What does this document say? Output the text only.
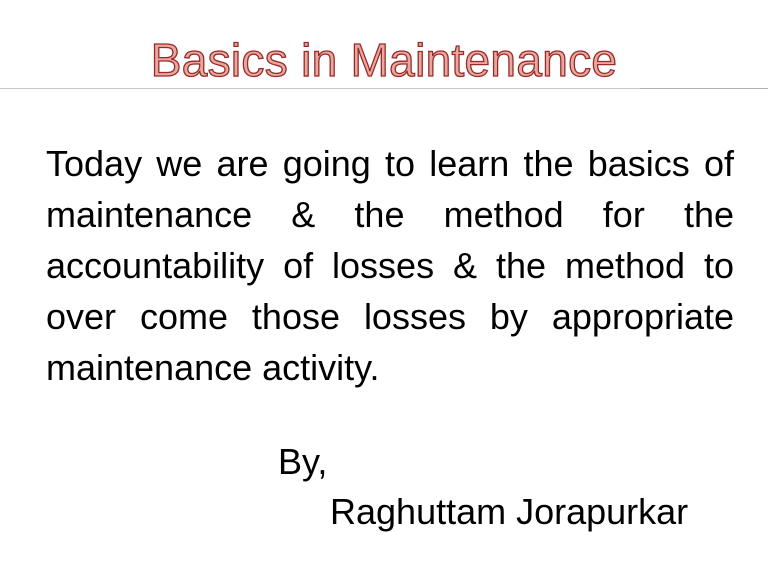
Basics in Maintenance

Today we are going to learn the basics of maintenance & the method for the accountability of losses & the method to over come those losses by appropriate maintenance activity.

By,
Raghuttam Jorapurkar
